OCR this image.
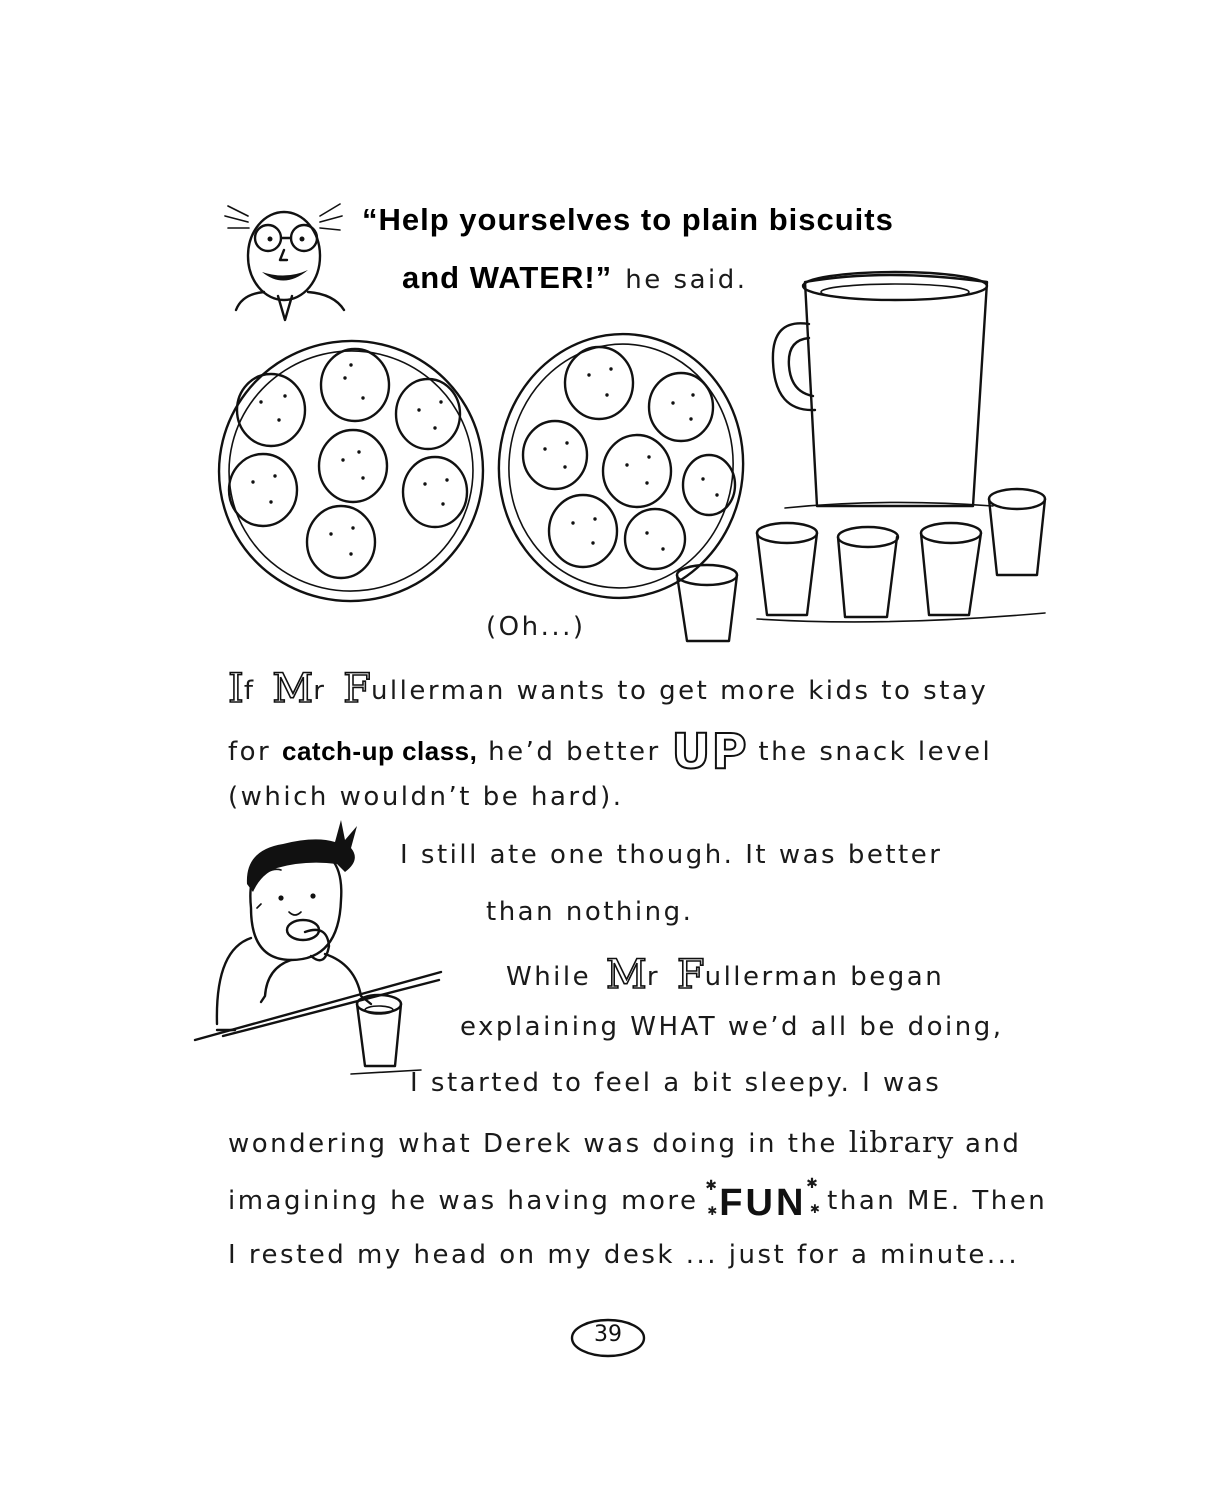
“Help yourselves to plain biscuits
and WATER!” he said.
(Oh...)
If Mr Fullerman wants to get more kids to stay
for catch-up class, he’d better UP the snack level
(which wouldn’t be hard).
I still ate one though. It was better
than nothing.
While Mr Fullerman began
explaining WHAT we’d all be doing,
I started to feel a bit sleepy. I was
wondering what Derek was doing in the library and
imagining he was having more ✱	✱
✱	✱
FUN than ME. Then
I rested my head on my desk ... just for a minute...
39
